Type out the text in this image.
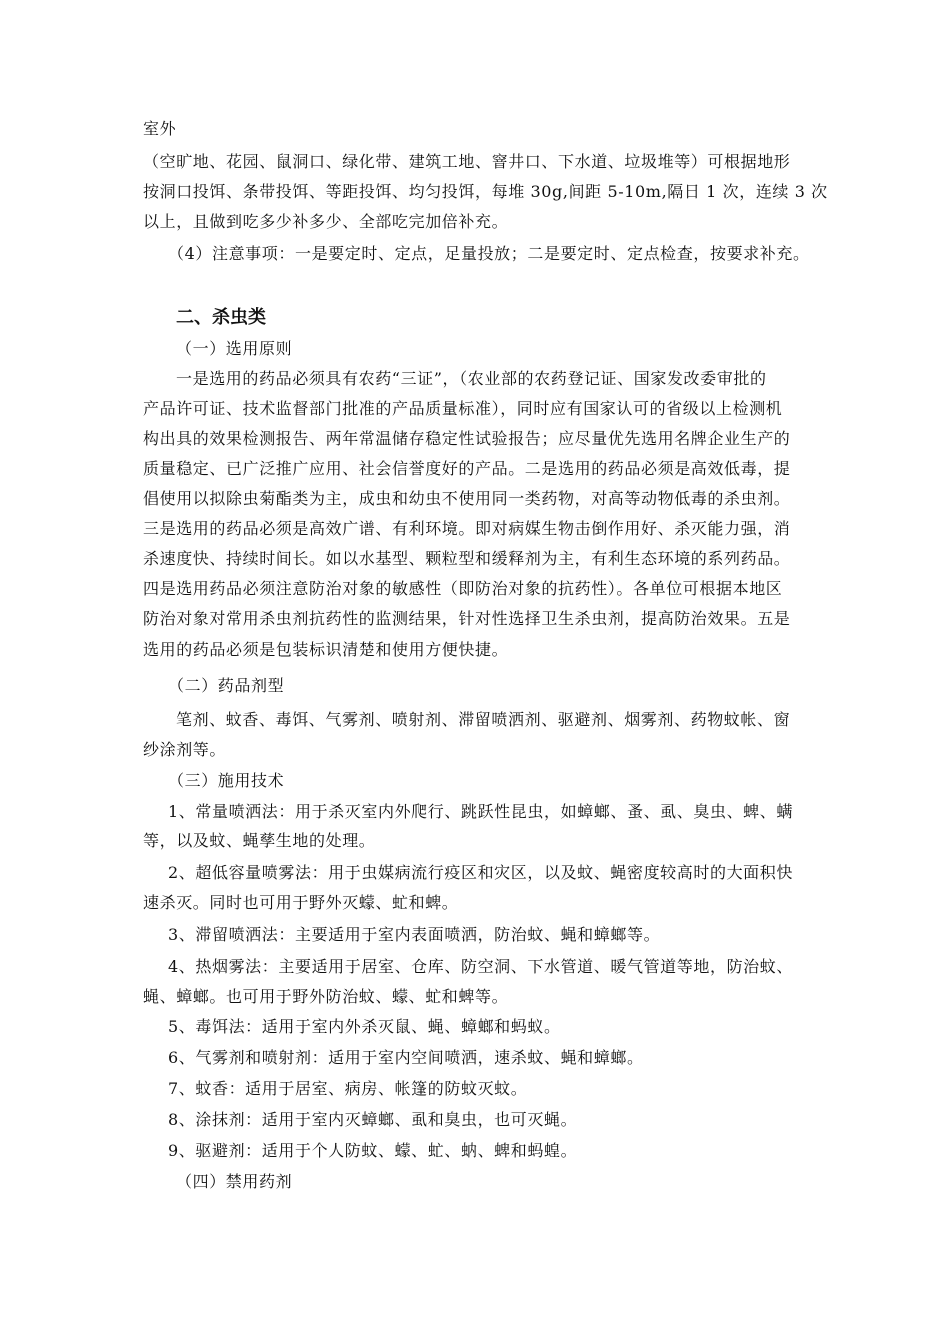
室外

（空旷地、花园、鼠洞口、绿化带、建筑工地、窨井口、下水道、垃圾堆等）可根据地形

按洞口投饵、条带投饵、等距投饵、均匀投饵，每堆 30g,间距 5-10m,隔日 1 次，连续 3 次

以上，且做到吃多少补多少、全部吃完加倍补充。

（4）注意事项：一是要定时、定点，足量投放；二是要定时、定点检查，按要求补充。

二、杀虫类

（一）选用原则

一是选用的药品必须具有农药“三证”，（农业部的农药登记证、国家发改委审批的

产品许可证、技术监督部门批准的产品质量标准），同时应有国家认可的省级以上检测机

构出具的效果检测报告、两年常温储存稳定性试验报告；应尽量优先选用名牌企业生产的

质量稳定、已广泛推广应用、社会信誉度好的产品。二是选用的药品必须是高效低毒，提

倡使用以拟除虫菊酯类为主，成虫和幼虫不使用同一类药物，对高等动物低毒的杀虫剂。

三是选用的药品必须是高效广谱、有利环境。即对病媒生物击倒作用好、杀灭能力强，消

杀速度快、持续时间长。如以水基型、颗粒型和缓释剂为主，有利生态环境的系列药品。

四是选用药品必须注意防治对象的敏感性（即防治对象的抗药性）。各单位可根据本地区

防治对象对常用杀虫剂抗药性的监测结果，针对性选择卫生杀虫剂，提高防治效果。五是

选用的药品必须是包装标识清楚和使用方便快捷。

（二）药品剂型

笔剂、蚊香、毒饵、气雾剂、喷射剂、滞留喷洒剂、驱避剂、烟雾剂、药物蚊帐、窗

纱涂剂等。

（三）施用技术

1、常量喷洒法：用于杀灭室内外爬行、跳跃性昆虫，如蟑螂、蚤、虱、臭虫、蜱、螨

等，以及蚊、蝇孳生地的处理。

2、超低容量喷雾法：用于虫媒病流行疫区和灾区，以及蚊、蝇密度较高时的大面积快

速杀灭。同时也可用于野外灭蠓、虻和蜱。

3、滞留喷洒法：主要适用于室内表面喷洒，防治蚊、蝇和蟑螂等。

4、热烟雾法：主要适用于居室、仓库、防空洞、下水管道、暖气管道等地，防治蚊、

蝇、蟑螂。也可用于野外防治蚊、蠓、虻和蜱等。

5、毒饵法：适用于室内外杀灭鼠、蝇、蟑螂和蚂蚁。

6、气雾剂和喷射剂：适用于室内空间喷洒，速杀蚊、蝇和蟑螂。

7、蚊香：适用于居室、病房、帐篷的防蚊灭蚊。

8、涂抹剂：适用于室内灭蟑螂、虱和臭虫，也可灭蝇。

9、驱避剂：适用于个人防蚊、蠓、虻、蚋、蜱和蚂蝗。

（四）禁用药剂
